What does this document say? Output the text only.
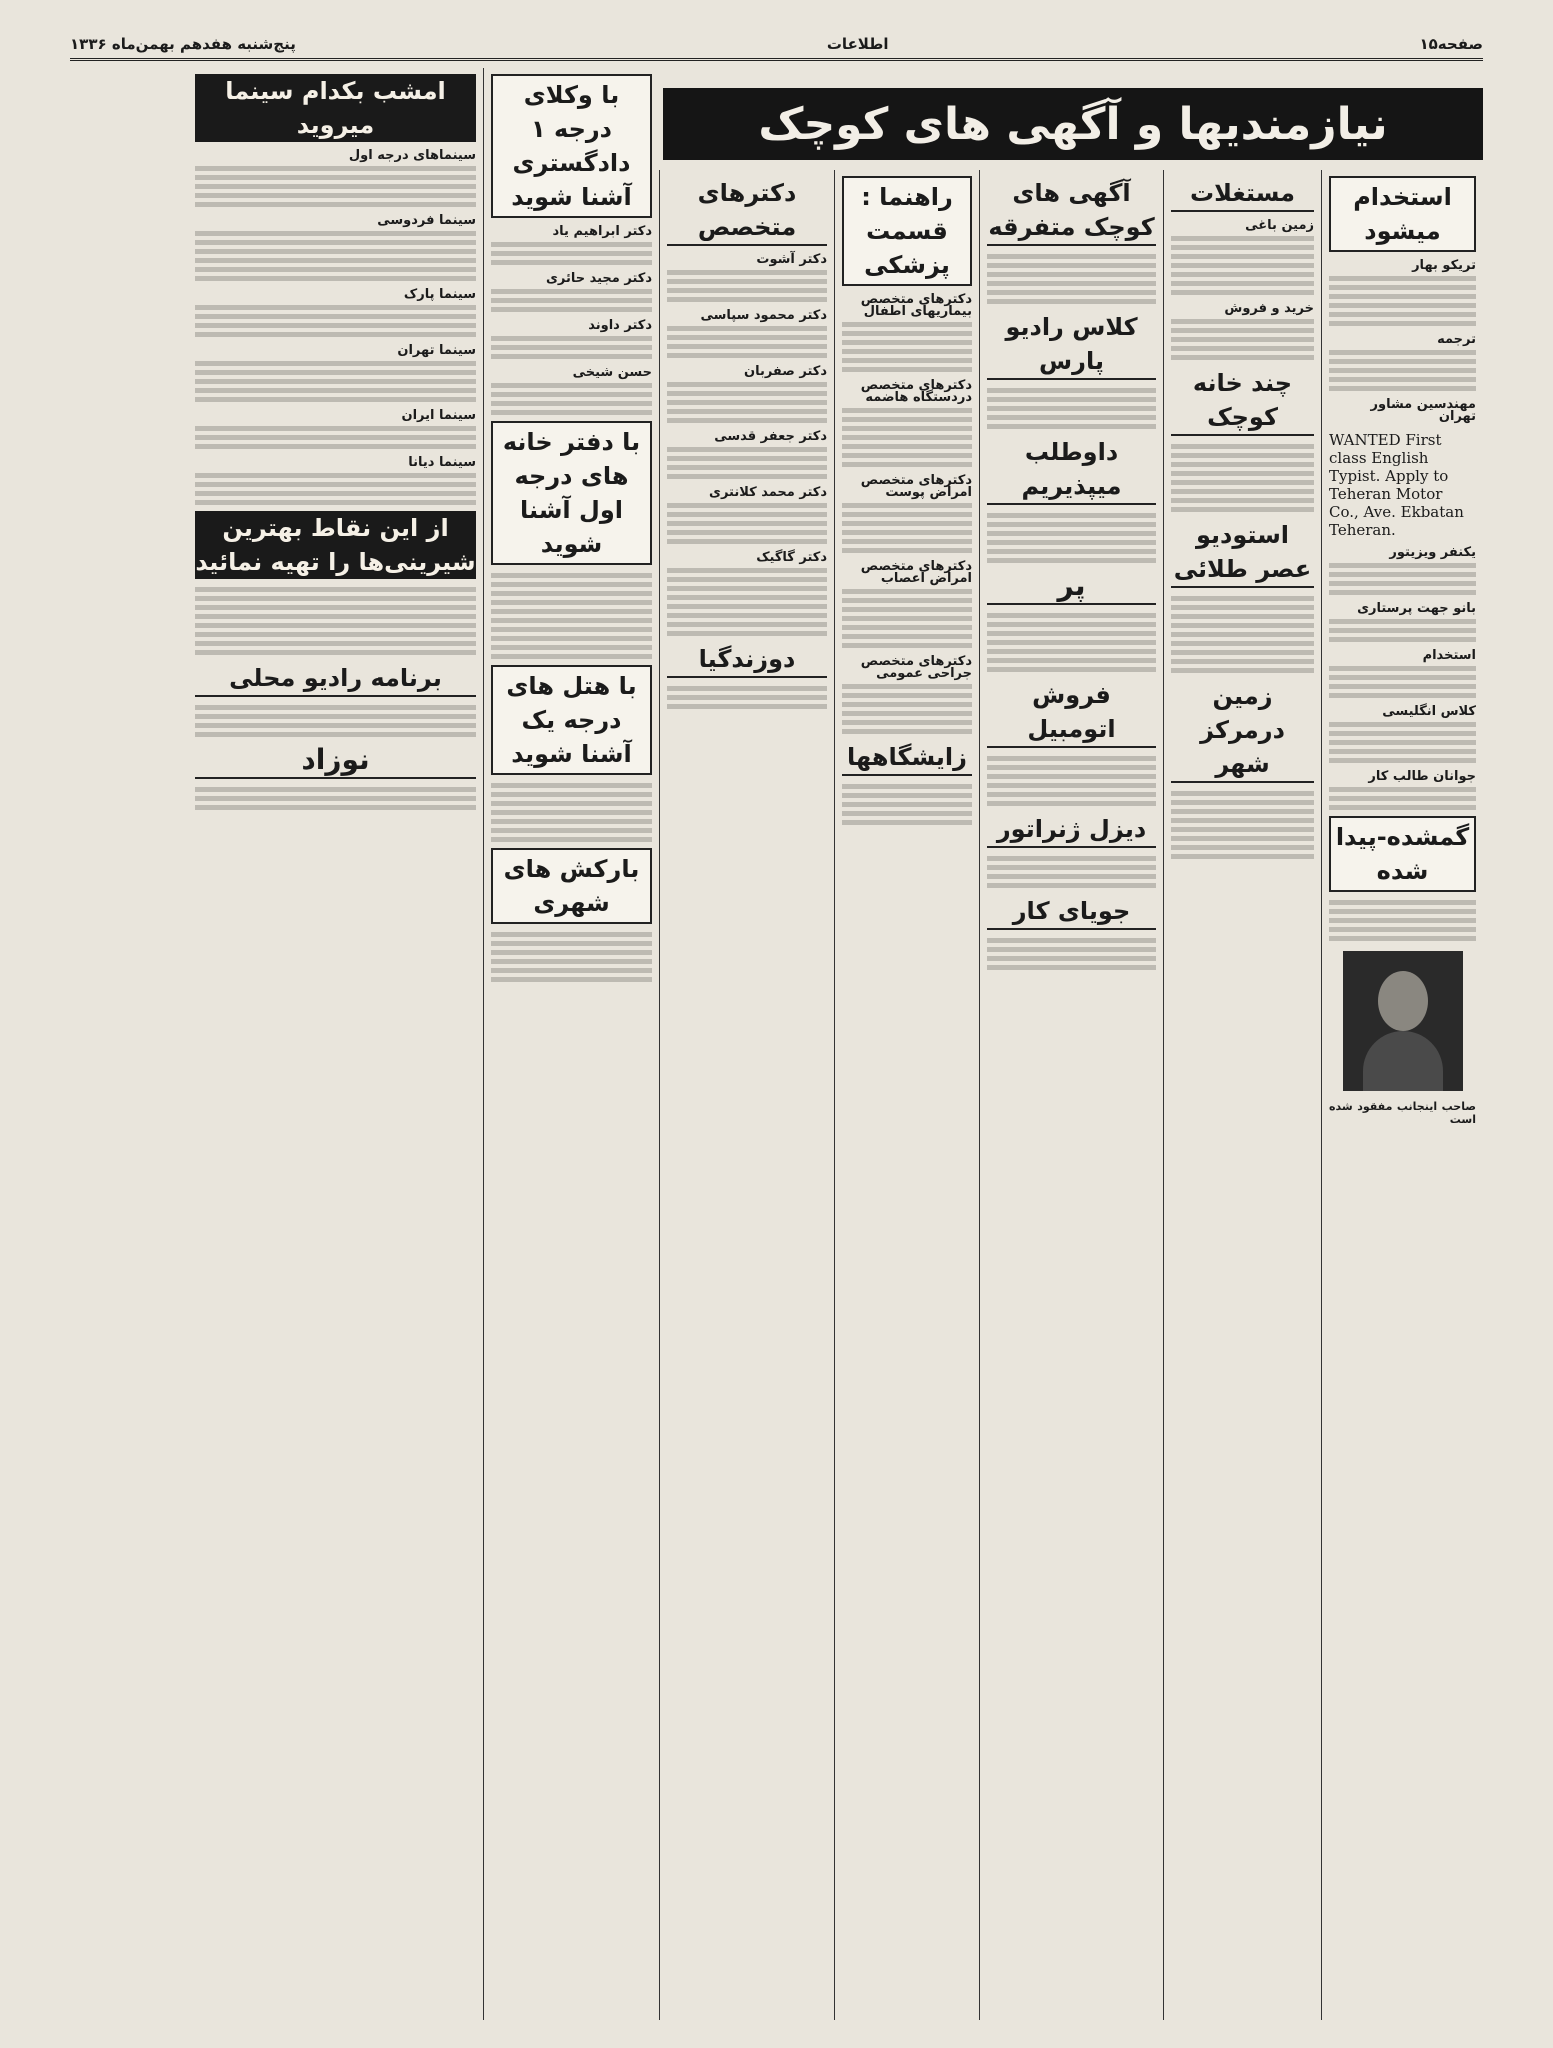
صفحه۱۵
اطلاعات
پنج‌شنبه هفدهم بهمن‌ماه ۱۳۳۶
نیازمندیها و آگهی های کوچک
استخدام میشود
تریکو بهار
ترجمه
مهندسین مشاور تهران
WANTED First class English Typist. Apply to Teheran Motor Co., Ave. Ekbatan Teheran.
یکنفر ویزیتور
بانو جهت پرستاری
استخدام
کلاس انگلیسی
جوانان طالب کار
گمشده-پیدا شده
صاحب اینجانب مفقود شده است
مستغلات
زمین باغی
خرید و فروش
چند خانه کوچک
استودیو عصر طلائی
زمین درمرکز شهر
آگهی های کوچک متفرقه
کلاس رادیو پارس
داوطلب میپذیریم
پر
فروش اتومبیل
دیزل ژنراتور
جویای کار
راهنما : قسمت پزشکی
دکترهای متخصص بیماریهای اطفال
دکترهای متخصص دردستگاه هاضمه
دکترهای متخصص امراض پوست
دکترهای متخصص امراض اعصاب
دکترهای متخصص جراحی عمومی
زایشگاهها
دکترهای متخصص
دکتر آشوت
دکتر محمود سپاسی
دکتر صفربان
دکتر جعفر قدسی
دکتر محمد کلانتری
دکتر گاگیک
دوزندگیا
با وکلای درجه ۱ دادگستری آشنا شوید
دکتر ابراهیم یاد
دکتر مجید حائری
دکتر داوند
حسن شیخی
با دفتر خانه های درجه اول آشنا شوید
با هتل های درجه یک آشنا شوید
بارکش های شهری
امشب بکدام سینما میروید
سینماهای درجه اول
سینما فردوسی
سینما پارک
سینما تهران
سینما ایران
سینما دیانا
از این نقاط بهترین شیرینی‌ها را تهیه نمائید
برنامه رادیو محلی
نوزاد
